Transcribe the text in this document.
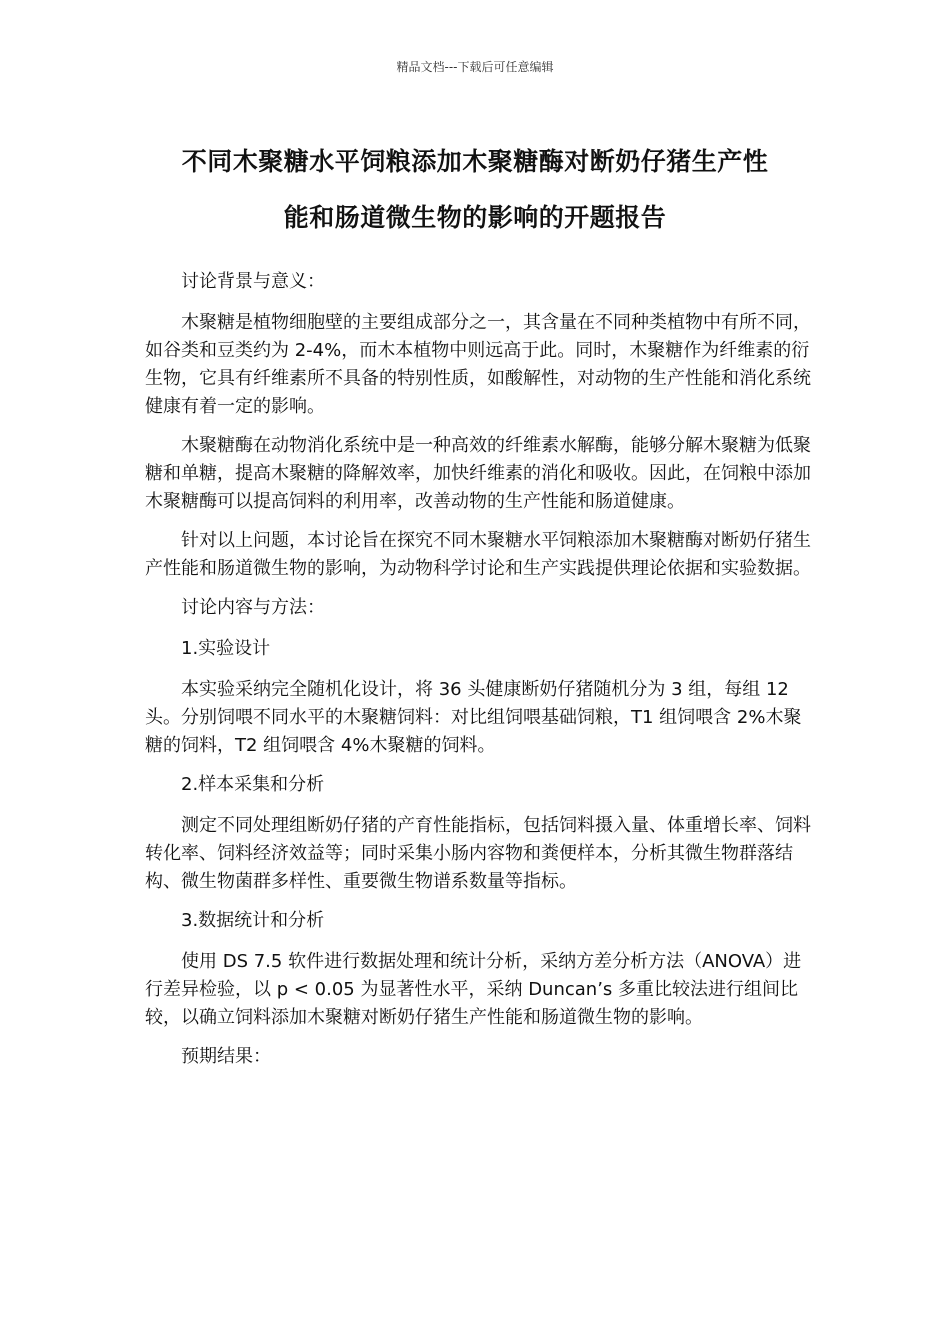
精品文档---下载后可任意编辑
不同木聚糖水平饲粮添加木聚糖酶对断奶仔猪生产性
能和肠道微生物的影响的开题报告

讨论背景与意义：

木聚糖是植物细胞壁的主要组成部分之一，其含量在不同种类植物中有所不同，如谷类和豆类约为 2-4%，而木本植物中则远高于此。同时，木聚糖作为纤维素的衍生物，它具有纤维素所不具备的特别性质，如酸解性，对动物的生产性能和消化系统健康有着一定的影响。

木聚糖酶在动物消化系统中是一种高效的纤维素水解酶，能够分解木聚糖为低聚糖和单糖，提高木聚糖的降解效率，加快纤维素的消化和吸收。因此，在饲粮中添加木聚糖酶可以提高饲料的利用率，改善动物的生产性能和肠道健康。

针对以上问题，本讨论旨在探究不同木聚糖水平饲粮添加木聚糖酶对断奶仔猪生产性能和肠道微生物的影响，为动物科学讨论和生产实践提供理论依据和实验数据。

讨论内容与方法：

1.实验设计

本实验采纳完全随机化设计，将 36 头健康断奶仔猪随机分为 3 组，每组 12 头。分别饲喂不同水平的木聚糖饲料：对比组饲喂基础饲粮，T1 组饲喂含 2%木聚糖的饲料，T2 组饲喂含 4%木聚糖的饲料。

2.样本采集和分析

测定不同处理组断奶仔猪的产育性能指标，包括饲料摄入量、体重增长率、饲料转化率、饲料经济效益等；同时采集小肠内容物和粪便样本，分析其微生物群落结构、微生物菌群多样性、重要微生物谱系数量等指标。

3.数据统计和分析

使用 DS 7.5 软件进行数据处理和统计分析，采纳方差分析方法（ANOVA）进行差异检验，以 p < 0.05 为显著性水平，采纳 Duncan’s 多重比较法进行组间比较，以确立饲料添加木聚糖对断奶仔猪生产性能和肠道微生物的影响。

预期结果：
